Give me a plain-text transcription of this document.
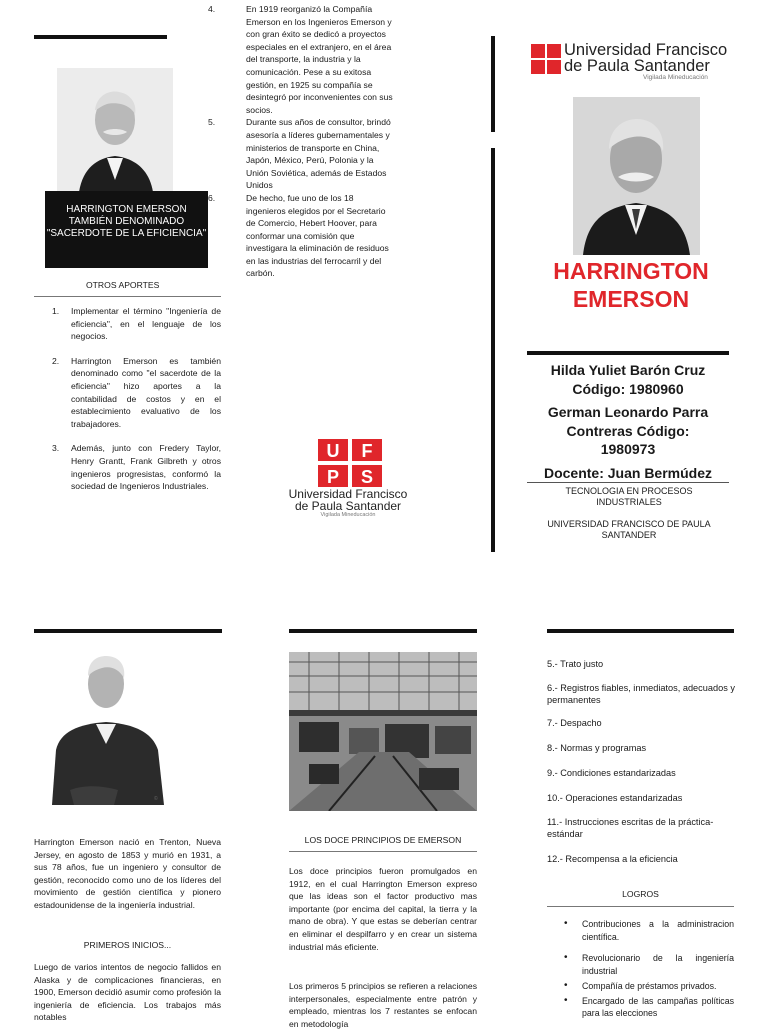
HARRINGTON EMERSON TAMBIÉN DENOMINADO "SACERDOTE DE LA EFICIENCIA"
OTROS APORTES
1.	Implementar el término "Ingeniería de eficiencia", en el lenguaje de los negocios.
2.	Harrington Emerson es también denominado como "el sacerdote de la eficiencia" hizo aportes a la contabilidad de costos y en el establecimiento evaluativo de los trabajadores.
3.	Además, junto con Fredery Taylor, Henry Grantt, Frank Gilbreth y otros ingenieros progresistas, conformó la sociedad de Ingenieros Industriales.
4.	En 1919 reorganizó la Compañía Emerson en los Ingenieros Emerson y con gran éxito se dedicó a proyectos especiales en el extranjero, en el área del transporte, la industria y la comunicación. Pese a su exitosa gestión, en 1925 su compañía se desintegró por inconvenientes con sus socios.
5.	Durante sus años de consultor, brindó asesoría a líderes gubernamentales y ministerios de transporte en China, Japón, México, Perú, Polonia y la Unión Soviética, además de Estados Unidos
6.	De hecho, fue uno de los 18 ingenieros elegidos por el Secretario de Comercio, Hebert Hoover, para conformar una comisión que investigara la eliminación de residuos en las industrias del ferrocarril y del carbón.
U F
P S
Universidad Francisco
de Paula Santander
Vigilada Mineducación
Universidad Francisco
de Paula Santander
Vigilada Mineducación
HARRINGTON
EMERSON
Hilda Yuliet Barón Cruz
Código: 1980960
German Leonardo Parra
Contreras Código:
1980973
Docente: Juan Bermúdez
TECNOLOGIA EN PROCESOS INDUSTRIALES
UNIVERSIDAD FRANCISCO DE PAULA SANTANDER
©
Harrington Emerson nació en Trenton, Nueva Jersey, en agosto de 1853 y murió en 1931, a sus 78 años, fue un ingeniero y consultor de gestión, reconocido como uno de los líderes del movimiento de gestión científica y pionero estadounidense de la ingeniería industrial.
PRIMEROS INICIOS...
Luego de varios intentos de negocio fallidos en Alaska y de complicaciones financieras, en 1900, Emerson decidió asumir como profesión la ingeniería de eficiencia. Los trabajos más notables
LOS DOCE PRINCIPIOS DE EMERSON
Los doce principios fueron promulgados en 1912, en el cual Harrington Emerson expreso que las ideas son el factor productivo mas importante (por encima del capital, la tierra y la mano de obra). Y que estas se deberían centrar en eliminar el despilfarro y en crear un sistema industrial más eficiente.
Los primeros 5 principios se refieren a relaciones interpersonales, especialmente entre patrón y empleado, mientras los 7 restantes se enfocan en metodología
5.- Trato justo
6.- Registros fiables, inmediatos, adecuados y permanentes
7.- Despacho
8.- Normas y programas
9.- Condiciones estandarizadas
10.- Operaciones estandarizadas
11.- Instrucciones escritas de la práctica-estándar
12.- Recompensa a la eficiencia
LOGROS
• Contribuciones a la administracion científica.
• Revolucionario de la ingeniería industrial
• Compañía de préstamos privados.
• Encargado de las campañas políticas para las elecciones
